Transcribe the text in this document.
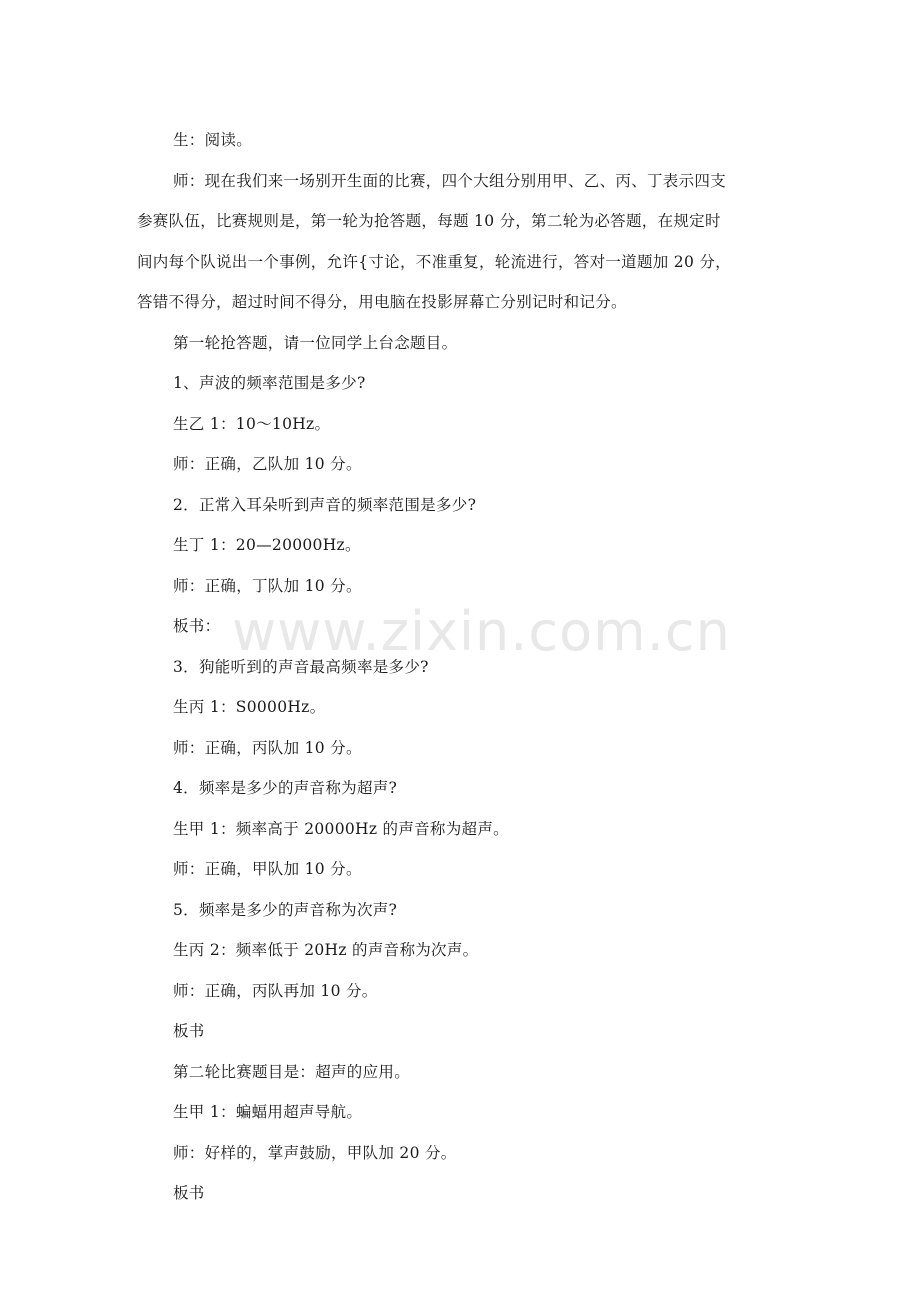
生：阅读。

师：现在我们来一场别开生面的比赛，四个大组分别用甲、乙、丙、丁表示四支
参赛队伍，比赛规则是，第一轮为抢答题，每题 10 分，第二轮为必答题，在规定时
间内每个队说出一个事例，允许{寸论，不准重复，轮流进行，答对一道题加 20 分，
答错不得分，超过时间不得分，用电脑在投影屏幕亡分别记时和记分。

第一轮抢答题，请一位同学上台念题目。

1、声波的频率范围是多少?

生乙 1：10～10Hz。

师：正确，乙队加 10 分。

2．正常入耳朵听到声音的频率范围是多少?

生丁 1：20—20000Hz。

师：正确，丁队加 10 分。

板书：

3．狗能听到的声音最高频率是多少?

生丙 1：S0000Hz。

师：正确，丙队加 10 分。

4．频率是多少的声音称为超声?

生甲 1：频率高于 20000Hz 的声音称为超声。

师：正确，甲队加 10 分。

5．频率是多少的声音称为次声?

生丙 2：频率低于 20Hz 的声音称为次声。

师：正确，丙队再加 10 分。

板书

第二轮比赛题目是：超声的应用。

生甲 1：蝙蝠用超声导航。

师：好样的，掌声鼓励，甲队加 20 分。

板书

www.zixin.com.cn
